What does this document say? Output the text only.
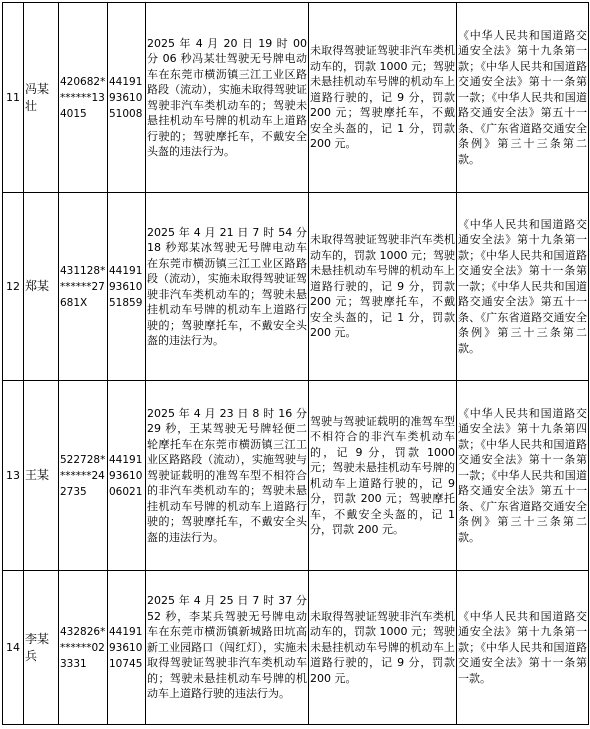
11	冯某壮	420682*******134015	441919361051008	2025 年 4 月 20 日 19 时 00 分 06 秒冯某壮驾驶无号牌电动车在东莞市横沥镇三江工业区路路段（流动），实施未取得驾驶证驾驶非汽车类机动车的；驾驶未悬挂机动车号牌的机动车上道路行驶的；驾驶摩托车，不戴安全头盔的违法行为。	未取得驾驶证驾驶非汽车类机动车的，罚款 1000 元；驾驶未悬挂机动车号牌的机动车上道路行驶的，记 9 分，罚款 200 元；驾驶摩托车，不戴安全头盔的，记 1 分，罚款 200 元。	《中华人民共和国道路交通安全法》第十九条第一款；《中华人民共和国道路交通安全法》第十一条第一款；《中华人民共和国道路交通安全法》第五十一条、《广东省道路交通安全条例》第三十三条第二款。
12	郑某	431128*******27681X	441919361051859	2025 年 4 月 21 日 7 时 54 分 18 秒郑某冰驾驶无号牌电动车在东莞市横沥镇三江工业区路路段（流动），实施未取得驾驶证驾驶非汽车类机动车的；驾驶未悬挂机动车号牌的机动车上道路行驶的；驾驶摩托车，不戴安全头盔的违法行为。	未取得驾驶证驾驶非汽车类机动车的，罚款 1000 元；驾驶未悬挂机动车号牌的机动车上道路行驶的，记 9 分，罚款 200 元；驾驶摩托车，不戴安全头盔的，记 1 分，罚款 200 元。	《中华人民共和国道路交通安全法》第十九条第一款；《中华人民共和国道路交通安全法》第十一条第一款；《中华人民共和国道路交通安全法》第五十一条、《广东省道路交通安全条例》第三十三条第二款。
13	王某	522728*******242735	441919361006021	2025 年 4 月 23 日 8 时 16 分 29 秒，王某驾驶无号牌轻便二轮摩托车在东莞市横沥镇三江工业区路路段（流动），实施驾驶与驾驶证载明的准驾车型不相符合的非汽车类机动车的；驾驶未悬挂机动车号牌的机动车上道路行驶的；驾驶摩托车，不戴安全头盔的违法行为。	驾驶与驾驶证载明的准驾车型不相符合的非汽车类机动车的，记 9 分，罚款 1000 元；驾驶未悬挂机动车号牌的机动车上道路行驶的，记 9 分，罚款 200 元；驾驶摩托车，不戴安全头盔的，记 1 分，罚款 200 元。	《中华人民共和国道路交通安全法》第十九条第四款；《中华人民共和国道路交通安全法》第十一条第一款；《中华人民共和国道路交通安全法》第五十一条、《广东省道路交通安全条例》第三十三条第二款。
14	李某兵	432826*******023331	441919361010745	2025 年 4 月 25 日 7 时 37 分 52 秒，李某兵驾驶无号牌电动车在东莞市横沥镇新城路田坑高新工业园路口（闯红灯），实施未取得驾驶证驾驶非汽车类机动车的；驾驶未悬挂机动车号牌的机动车上道路行驶的违法行为。	未取得驾驶证驾驶非汽车类机动车的，罚款 1000 元；驾驶未悬挂机动车号牌的机动车上道路行驶的，记 9 分，罚款 200 元。	《中华人民共和国道路交通安全法》第十九条第一款；《中华人民共和国道路交通安全法》第十一条第一款。
